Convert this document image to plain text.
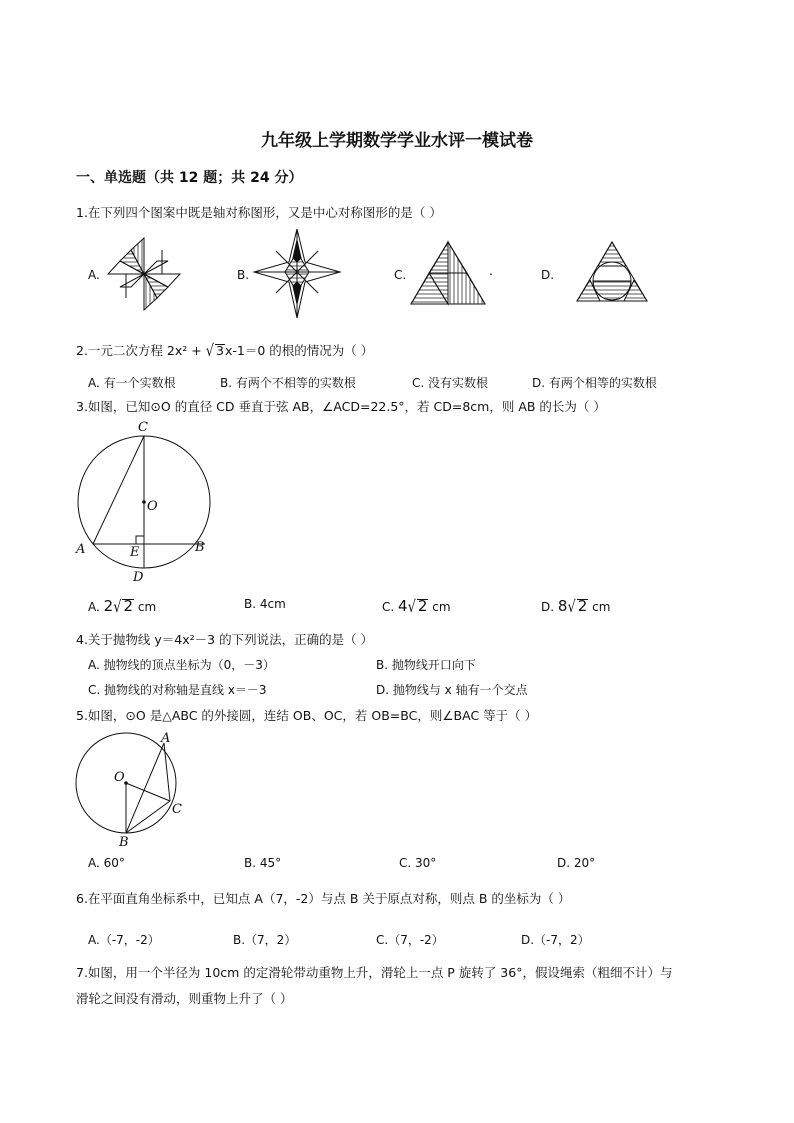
九年级上学期数学学业水评一模试卷
一、单选题（共 12 题；共 24 分）
1.在下列四个图案中既是轴对称图形，又是中心对称图形的是（ ）
A.	B.	C.	.	D.
2.一元二次方程 2x² + √ 3x-1＝0 的根的情况为（ ）
A. 有一个实数根	B. 有两个不相等的实数根	C. 没有实数根	D. 有两个相等的实数根
3.如图，已知⊙O 的直径 CD 垂直于弦 AB，∠ACD=22.5°，若 CD=8cm，则 AB 的长为（ ）
C
O
A	E	B
D
A. 2√ 2 cm	B. 4cm	C. 4√ 2 cm	D. 8√ 2 cm
4.关于抛物线 y＝4x²－3 的下列说法，正确的是（ ）
A. 抛物线的顶点坐标为（0，－3）	B. 抛物线开口向下
C. 抛物线的对称轴是直线 x＝－3	D. 抛物线与 x 轴有一个交点
5.如图，⊙O 是△ABC 的外接圆，连结 OB、OC，若 OB=BC，则∠BAC 等于（ ）
A
O
C
B
A. 60°	B. 45°	C. 30°	D. 20°
6.在平面直角坐标系中，已知点 A（7，-2）与点 B 关于原点对称，则点 B 的坐标为（ ）
A.（-7，-2）	B.（7，2）	C.（7，-2）	D.（-7，2）
7.如图，用一个半径为 10cm 的定滑轮带动重物上升，滑轮上一点 P 旋转了 36°，假设绳索（粗细不计）与
滑轮之间没有滑动，则重物上升了（ ）
